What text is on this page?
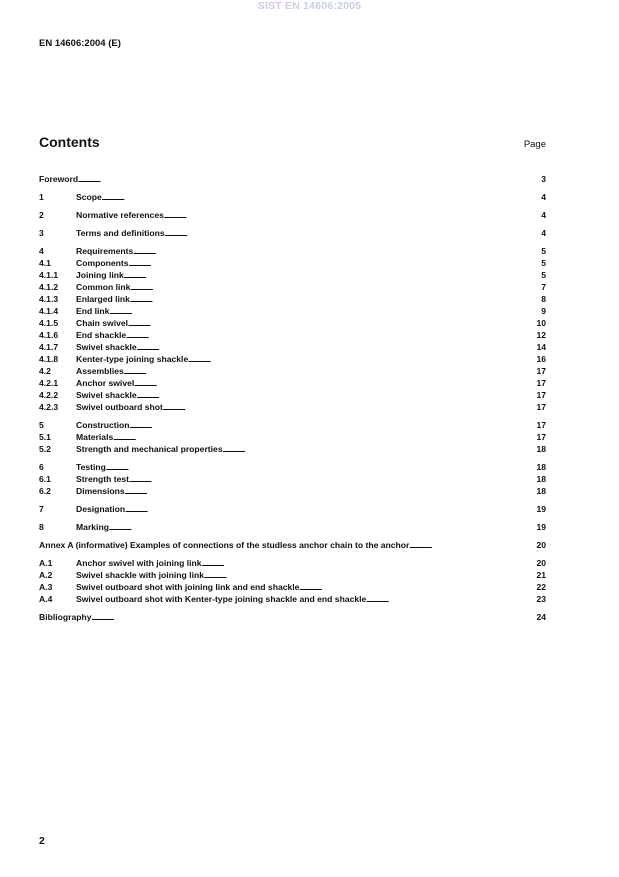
SIST EN 14606:2005
EN 14606:2004 (E)
Contents	Page
Foreword . . .	3
1	Scope . . .	4
2	Normative references . . .	4
3	Terms and definitions . . .	4
4	Requirements . . .	5
4.1	Components . . .	5
4.1.1	Joining link . . .	5
4.1.2	Common link . . .	7
4.1.3	Enlarged link . . .	8
4.1.4	End link . . .	9
4.1.5	Chain swivel . . .	10
4.1.6	End shackle . . .	12
4.1.7	Swivel shackle . . .	14
4.1.8	Kenter-type joining shackle . . .	16
4.2	Assemblies . . .	17
4.2.1	Anchor swivel . . .	17
4.2.2	Swivel shackle . . .	17
4.2.3	Swivel outboard shot . . .	17
5	Construction . . .	17
5.1	Materials . . .	17
5.2	Strength and mechanical properties . . .	18
6	Testing . . .	18
6.1	Strength test . . .	18
6.2	Dimensions . . .	18
7	Designation . . .	19
8	Marking . . .	19
Annex A (informative) Examples of connections of the studless anchor chain to the anchor . . .	20
A.1	Anchor swivel with joining link . . .	20
A.2	Swivel shackle with joining link . . .	21
A.3	Swivel outboard shot with joining link and end shackle . . .	22
A.4	Swivel outboard shot with Kenter-type joining shackle and end shackle . . .	23
Bibliography . . .	24
2
